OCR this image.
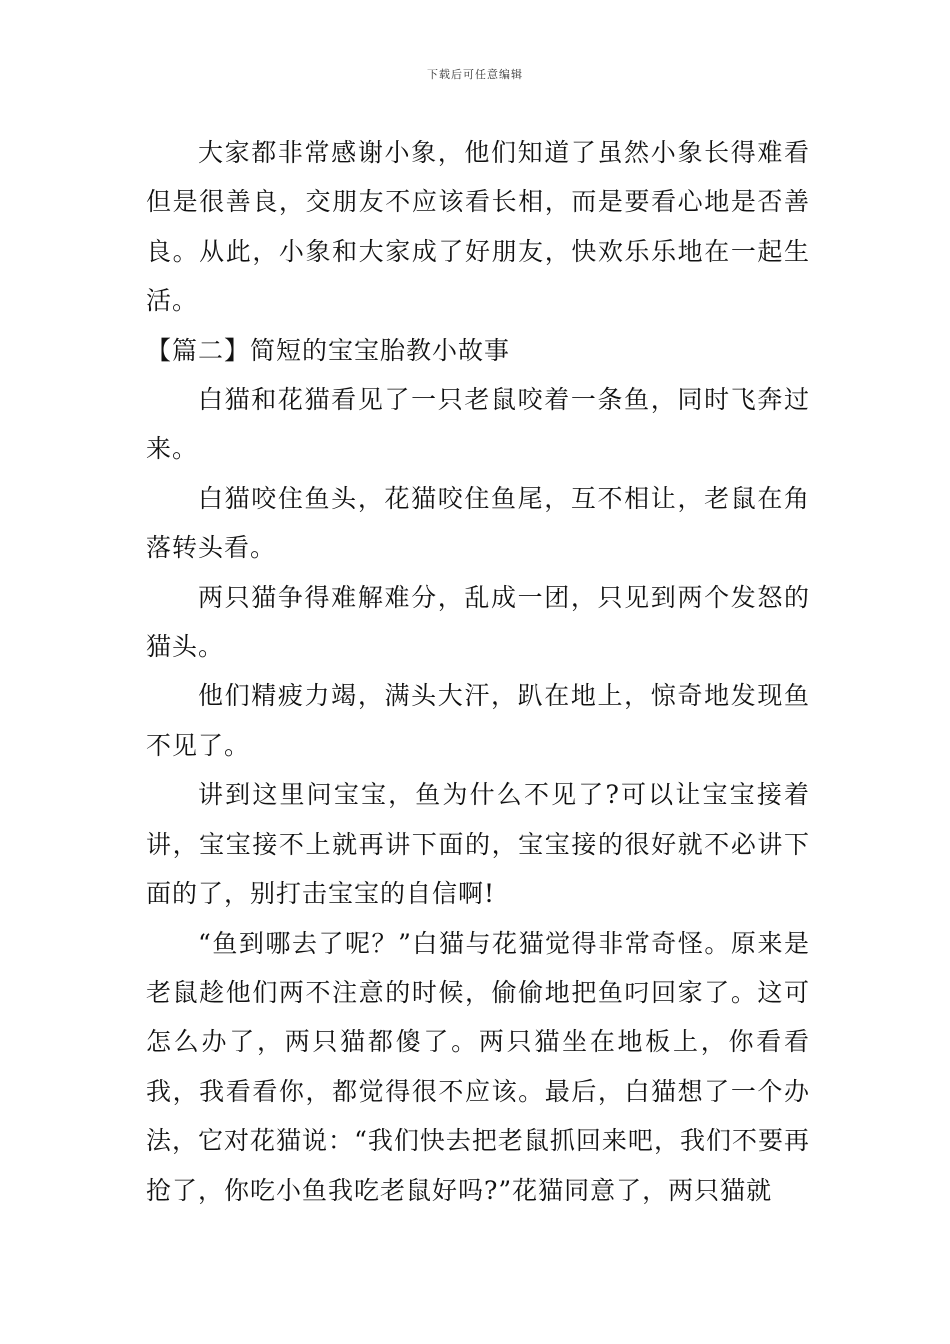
下载后可任意编辑

大家都非常感谢小象，他们知道了虽然小象长得难看但是很善良，交朋友不应该看长相，而是要看心地是否善良。从此，小象和大家成了好朋友，快欢乐乐地在一起生活。

【篇二】简短的宝宝胎教小故事

白猫和花猫看见了一只老鼠咬着一条鱼，同时飞奔过来。

白猫咬住鱼头，花猫咬住鱼尾，互不相让，老鼠在角落转头看。

两只猫争得难解难分，乱成一团，只见到两个发怒的猫头。

他们精疲力竭，满头大汗，趴在地上，惊奇地发现鱼不见了。

讲到这里问宝宝，鱼为什么不见了?可以让宝宝接着讲，宝宝接不上就再讲下面的，宝宝接的很好就不必讲下面的了，别打击宝宝的自信啊!

“鱼到哪去了呢？”白猫与花猫觉得非常奇怪。原来是老鼠趁他们两不注意的时候，偷偷地把鱼叼回家了。这可怎么办了，两只猫都傻了。两只猫坐在地板上，你看看我，我看看你，都觉得很不应该。最后，白猫想了一个办法，它对花猫说：“我们快去把老鼠抓回来吧，我们不要再抢了，你吃小鱼我吃老鼠好吗?”花猫同意了，两只猫就
